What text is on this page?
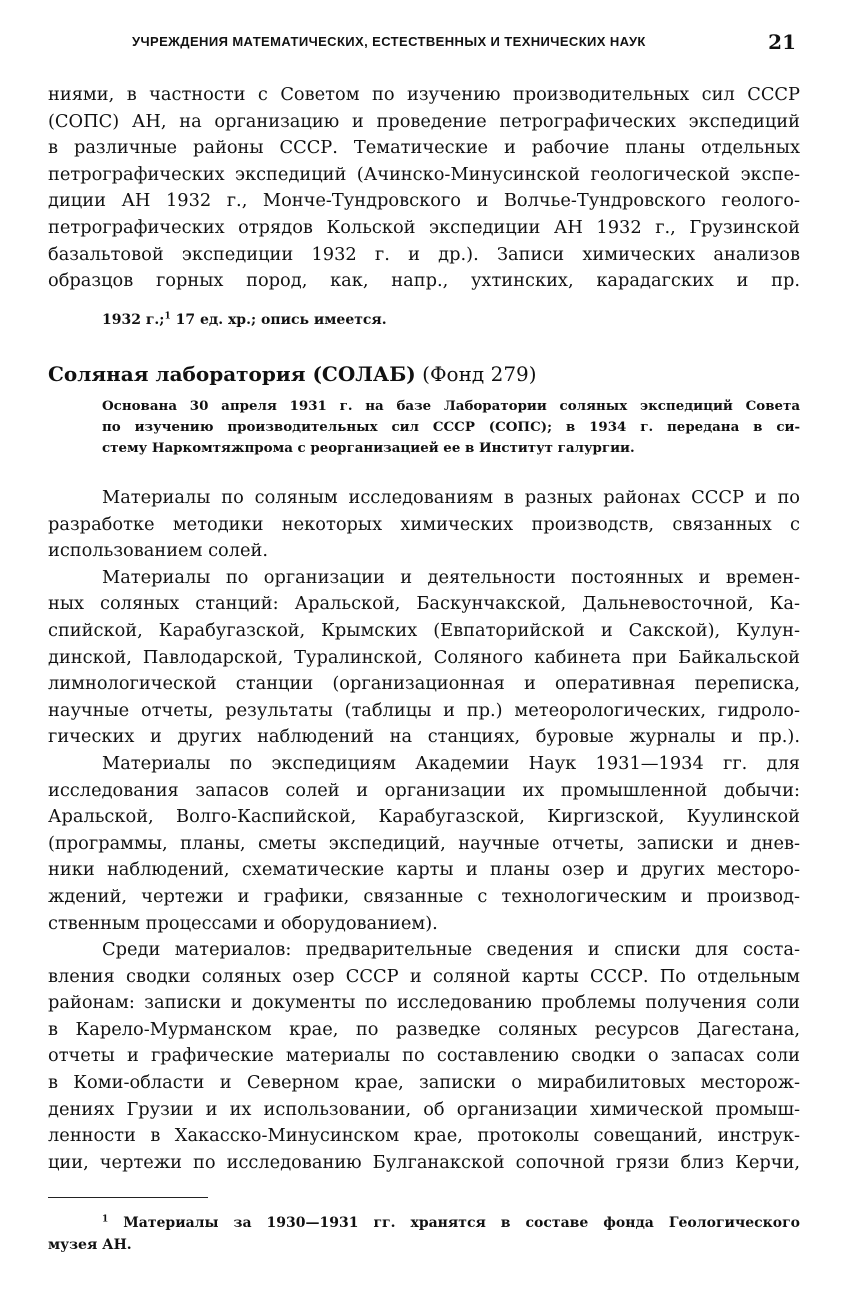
УЧРЕЖДЕНИЯ МАТЕМАТИЧЕСКИХ, ЕСТЕСТВЕННЫХ И ТЕХНИЧЕСКИХ НАУК	21
ниями, в частности с Советом по изучению производительных сил СССР
(СОПС) АН, на организацию и проведение петрографических экспедиций
в различные районы СССР. Тематические и рабочие планы отдельных
петрографических экспедиций (Ачинско-Минусинской геологической экспе-
диции АН 1932 г., Монче-Тундровского и Волчье-Тундровского геолого-
петрографических отрядов Кольской экспедиции АН 1932 г., Грузинской
базальтовой экспедиции 1932 г. и др.). Записи химических анализов
образцов горных пород, как, напр., ухтинских, карадагских и пр.
1932 г.;$^1$ 17 ед. хр.; опись имеется.
Соляная лаборатория (СОЛАБ) (Фонд 279)
Основана 30 апреля 1931 г. на базе Лаборатории соляных экспедиций Совета
по изучению производительных сил СССР (СОПС); в 1934 г. передана в си-
стему Наркомтяжпрома с реорганизацией ее в Институт галургии.
Материалы по соляным исследованиям в разных районах СССР и по
разработке методики некоторых химических производств, связанных с
использованием солей.
Материалы по организации и деятельности постоянных и времен-
ных соляных станций: Аральской, Баскунчакской, Дальневосточной, Ка-
спийской, Карабугазской, Крымских (Евпаторийской и Сакской), Кулун-
динской, Павлодарской, Туралинской, Соляного кабинета при Байкальской
лимнологической станции (организационная и оперативная переписка,
научные отчеты, результаты (таблицы и пр.) метеорологических, гидроло-
гических и других наблюдений на станциях, буровые журналы и пр.).
Материалы по экспедициям Академии Наук 1931—1934 гг. для
исследования запасов солей и организации их промышленной добычи:
Аральской, Волго-Каспийской, Карабугазской, Киргизской, Куулинской
(программы, планы, сметы экспедиций, научные отчеты, записки и днев-
ники наблюдений, схематические карты и планы озер и других месторо-
ждений, чертежи и графики, связанные с технологическим и производ-
ственным процессами и оборудованием).
Среди материалов: предварительные сведения и списки для соста-
вления сводки соляных озер СССР и соляной карты СССР. По отдельным
районам: записки и документы по исследованию проблемы получения соли
в Карело-Мурманском крае, по разведке соляных ресурсов Дагестана,
отчеты и графические материалы по составлению сводки о запасах соли
в Коми-области и Северном крае, записки о мирабилитовых месторож-
дениях Грузии и их использовании, об организации химической промыш-
ленности в Хакасско-Минусинском крае, протоколы совещаний, инструк-
ции, чертежи по исследованию Булганакской сопочной грязи близ Керчи,
$^1$ Материалы за 1930—1931 гг. хранятся в составе фонда Геологического
музея АН.
